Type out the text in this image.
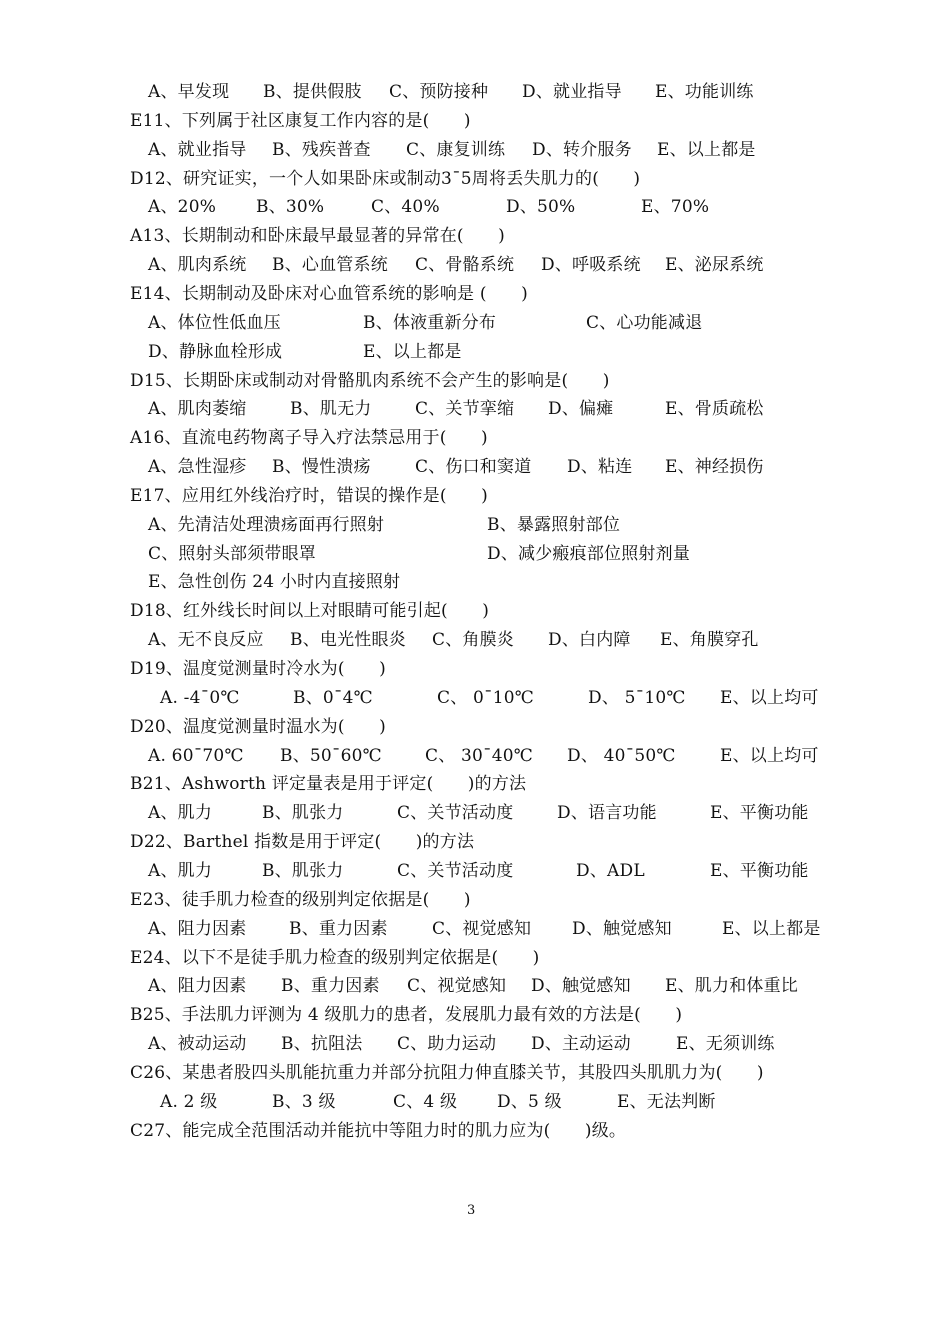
A、早发现 B、提供假肢 C、预防接种 D、就业指导 E、功能训练
E11、下列属于社区康复工作内容的是(　　)
A、就业指导 B、残疾普查 C、康复训练 D、转介服务 E、以上都是
D12、研究证实，一个人如果卧床或制动3¯5周将丢失肌力的(　　)
A、20% B、30%	C、40%	D、50%	E、70%
A13、长期制动和卧床最早最显著的异常在(　　)
A、肌肉系统 B、心血管系统 C、骨骼系统 D、呼吸系统 E、泌尿系统
E14、长期制动及卧床对心血管系统的影响是 (　　)
A、体位性低血压	B、体液重新分布	C、心功能减退
D、静脉血栓形成	E、以上都是
D15、长期卧床或制动对骨骼肌肉系统不会产生的影响是(　　)
A、肌肉萎缩	B、肌无力	C、关节挛缩 D、偏瘫	E、骨质疏松
A16、直流电药物离子导入疗法禁忌用于(　　)
A、急性湿疹 B、慢性溃疡	C、伤口和窦道 D、粘连 E、神经损伤
E17、应用红外线治疗时，错误的操作是(　　)
A、先清洁处理溃疡面再行照射	B、暴露照射部位
C、照射头部须带眼罩	D、减少瘢痕部位照射剂量
E、急性创伤 24 小时内直接照射
D18、红外线长时间以上对眼睛可能引起(　　)
A、无不良反应 B、电光性眼炎 C、角膜炎 D、白内障 E、角膜穿孔
D19、温度觉测量时冷水为(　　)
A. -4¯0℃	B、0¯4℃	C、 0¯10℃	D、 5¯10℃ E、以上均可
D20、温度觉测量时温水为(　　)
A. 60¯70℃ B、50¯60℃	C、 30¯40℃ D、 40¯50℃	E、以上均可
B21、Ashworth 评定量表是用于评定(　　)的方法
A、肌力	B、肌张力	C、关节活动度	D、语言功能	E、平衡功能
D22、Barthel 指数是用于评定(　　)的方法
A、肌力	B、肌张力	C、关节活动度	D、ADL	E、平衡功能
E23、徒手肌力检查的级别判定依据是(　　)
A、阻力因素	B、重力因素	C、视觉感知 D、触觉感知	E、以上都是
E24、以下不是徒手肌力检查的级别判定依据是(　　)
A、阻力因素 B、重力因素 C、视觉感知 D、触觉感知 E、肌力和体重比
B25、手法肌力评测为 4 级肌力的患者，发展肌力最有效的方法是(　　)
A、被动运动 B、抗阻法 C、助力运动 D、主动运动	E、无须训练
C26、某患者股四头肌能抗重力并部分抗阻力伸直膝关节，其股四头肌肌力为(　　)
A. 2 级	B、3 级	C、4 级 D、5 级	E、无法判断
C27、能完成全范围活动并能抗中等阻力时的肌力应为(　　)级。
3
